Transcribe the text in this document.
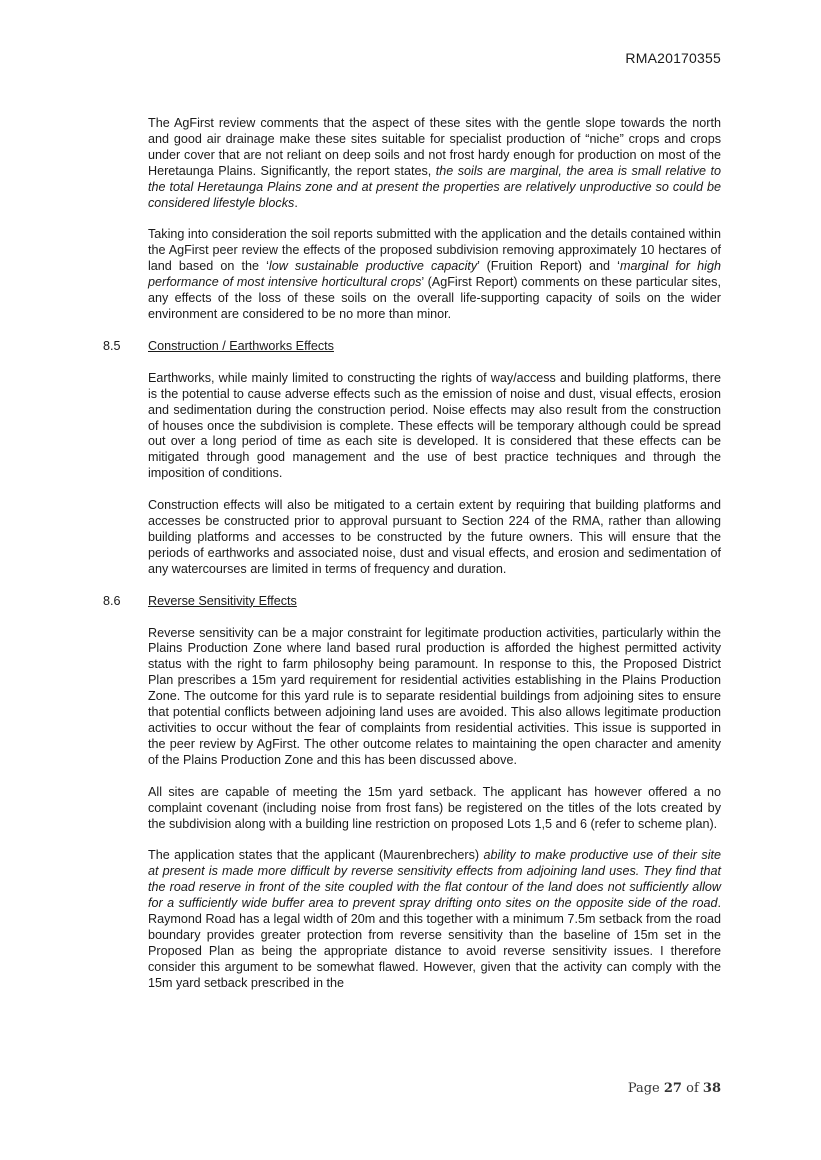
RMA20170355

The AgFirst review comments that the aspect of these sites with the gentle slope towards the north and good air drainage make these sites suitable for specialist production of “niche” crops and crops under cover that are not reliant on deep soils and not frost hardy enough for production on most of the Heretaunga Plains. Significantly, the report states, the soils are marginal, the area is small relative to the total Heretaunga Plains zone and at present the properties are relatively unproductive so could be considered lifestyle blocks.

Taking into consideration the soil reports submitted with the application and the details contained within the AgFirst peer review the effects of the proposed subdivision removing approximately 10 hectares of land based on the ‘low sustainable productive capacity’ (Fruition Report) and ‘marginal for high performance of most intensive horticultural crops’ (AgFirst Report) comments on these particular sites, any effects of the loss of these soils on the overall life-supporting capacity of soils on the wider environment are considered to be no more than minor.

8.5 Construction / Earthworks Effects

Earthworks, while mainly limited to constructing the rights of way/access and building platforms, there is the potential to cause adverse effects such as the emission of noise and dust, visual effects, erosion and sedimentation during the construction period. Noise effects may also result from the construction of houses once the subdivision is complete. These effects will be temporary although could be spread out over a long period of time as each site is developed. It is considered that these effects can be mitigated through good management and the use of best practice techniques and through the imposition of conditions.

Construction effects will also be mitigated to a certain extent by requiring that building platforms and accesses be constructed prior to approval pursuant to Section 224 of the RMA, rather than allowing building platforms and accesses to be constructed by the future owners. This will ensure that the periods of earthworks and associated noise, dust and visual effects, and erosion and sedimentation of any watercourses are limited in terms of frequency and duration.

8.6 Reverse Sensitivity Effects

Reverse sensitivity can be a major constraint for legitimate production activities, particularly within the Plains Production Zone where land based rural production is afforded the highest permitted activity status with the right to farm philosophy being paramount. In response to this, the Proposed District Plan prescribes a 15m yard requirement for residential activities establishing in the Plains Production Zone. The outcome for this yard rule is to separate residential buildings from adjoining sites to ensure that potential conflicts between adjoining land uses are avoided. This also allows legitimate production activities to occur without the fear of complaints from residential activities. This issue is supported in the peer review by AgFirst. The other outcome relates to maintaining the open character and amenity of the Plains Production Zone and this has been discussed above.

All sites are capable of meeting the 15m yard setback. The applicant has however offered a no complaint covenant (including noise from frost fans) be registered on the titles of the lots created by the subdivision along with a building line restriction on proposed Lots 1,5 and 6 (refer to scheme plan).

The application states that the applicant (Maurenbrechers) ability to make productive use of their site at present is made more difficult by reverse sensitivity effects from adjoining land uses. They find that the road reserve in front of the site coupled with the flat contour of the land does not sufficiently allow for a sufficiently wide buffer area to prevent spray drifting onto sites on the opposite side of the road. Raymond Road has a legal width of 20m and this together with a minimum 7.5m setback from the road boundary provides greater protection from reverse sensitivity than the baseline of 15m set in the Proposed Plan as being the appropriate distance to avoid reverse sensitivity issues. I therefore consider this argument to be somewhat flawed. However, given that the activity can comply with the 15m yard setback prescribed in the

Page 27 of 38
